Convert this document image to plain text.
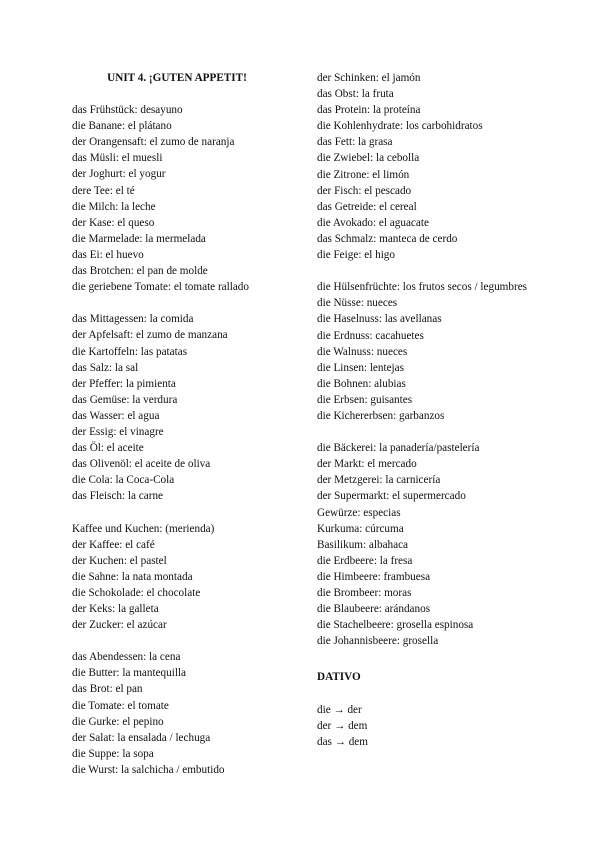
UNIT 4. ¡GUTEN APPETIT!
das Frühstück: desayuno
die Banane: el plátano
der Orangensaft: el zumo de naranja
das Müsli: el muesli
der Joghurt: el yogur
dere Tee: el té
die Milch: la leche
der Kase: el queso
die Marmelade: la mermelada
das Ei: el huevo
das Brotchen: el pan de molde
die geriebene Tomate: el tomate rallado
das Mittagessen: la comida
der Apfelsaft: el zumo de manzana
die Kartoffeln: las patatas
das Salz: la sal
der Pfeffer: la pimienta
das Gemüse: la verdura
das Wasser: el agua
der Essig: el vinagre
das Öl: el aceite
das Olivenöl: el aceite de oliva
die Cola: la Coca-Cola
das Fleisch: la carne
Kaffee und Kuchen: (merienda)
der Kaffee: el café
der Kuchen: el pastel
die Sahne: la nata montada
die Schokolade: el chocolate
der Keks: la galleta
der Zucker: el azúcar
das Abendessen: la cena
die Butter: la mantequilla
das Brot: el pan
die Tomate: el tomate
die Gurke: el pepino
der Salat: la ensalada / lechuga
die Suppe: la sopa
die Wurst: la salchicha / embutido
der Schinken: el jamón
das Obst: la fruta
das Protein: la proteína
die Kohlenhydrate: los carbohidratos
das Fett: la grasa
die Zwiebel: la cebolla
die Zitrone: el limón
der Fisch: el pescado
das Getreide: el cereal
die Avokado: el aguacate
das Schmalz: manteca de cerdo
die Feige: el higo
die Hülsenfrüchte: los frutos secos / legumbres
die Nüsse: nueces
die Haselnuss: las avellanas
die Erdnuss: cacahuetes
die Walnuss: nueces
die Linsen: lentejas
die Bohnen: alubias
die Erbsen: guisantes
die Kichererbsen: garbanzos
die Bäckerei: la panadería/pastelería
der Markt: el mercado
der Metzgerei: la carnicería
der Supermarkt: el supermercado
Gewürze: especias
Kurkuma: cúrcuma
Basilikum: albahaca
die Erdbeere: la fresa
die Himbeere: frambuesa
die Brombeer: moras
die Blaubeere: arándanos
die Stachelbeere: grosella espinosa
die Johannisbeere: grosella
DATIVO
die → der
der → dem
das → dem
